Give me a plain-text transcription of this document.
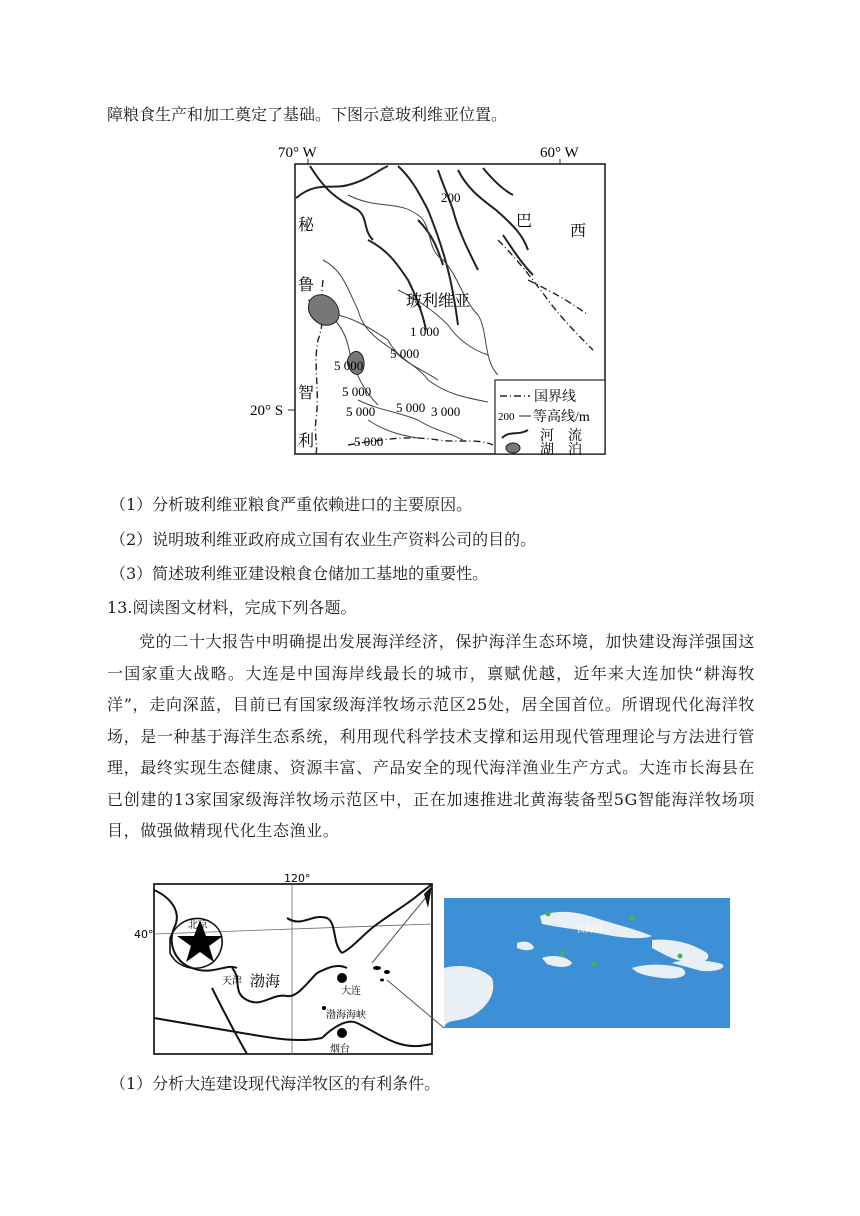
障粮食生产和加工奠定了基础。下图示意玻利维亚位置。
70° W	60° W
20° S
秘
鲁
巴
西
玻利维亚
智
利
200
1 000
5 000
5 000
5 000
5 000 5 000 3 000
5 000
国界线
200 等高线/m
河　流
湖　泊
（1）分析玻利维亚粮食严重依赖进口的主要原因。
（2）说明玻利维亚政府成立国有农业生产资料公司的目的。
（3）简述玻利维亚建设粮食仓储加工基地的重要性。
13.阅读图文材料，完成下列各题。
党的二十大报告中明确提出发展海洋经济，保护海洋生态环境，加快建设海洋强国这一国家重大战略。大连是中国海岸线最长的城市，禀赋优越，近年来大连加快“耕海牧洋”，走向深蓝，目前已有国家级海洋牧场示范区25处，居全国首位。所谓现代化海洋牧场，是一种基于海洋生态系统，利用现代科学技术支撑和运用现代管理理论与方法进行管理，最终实现生态健康、资源丰富、产品安全的现代海洋渔业生产方式。大连市长海县在已创建的13家国家级海洋牧场示范区中，正在加速推进北黄海装备型5G智能海洋牧场项目，做强做精现代化生态渔业。
120°
40°
北京
天津 渤海
大连
渤海海峡
烟台
长海县
（1）分析大连建设现代海洋牧区的有利条件。
